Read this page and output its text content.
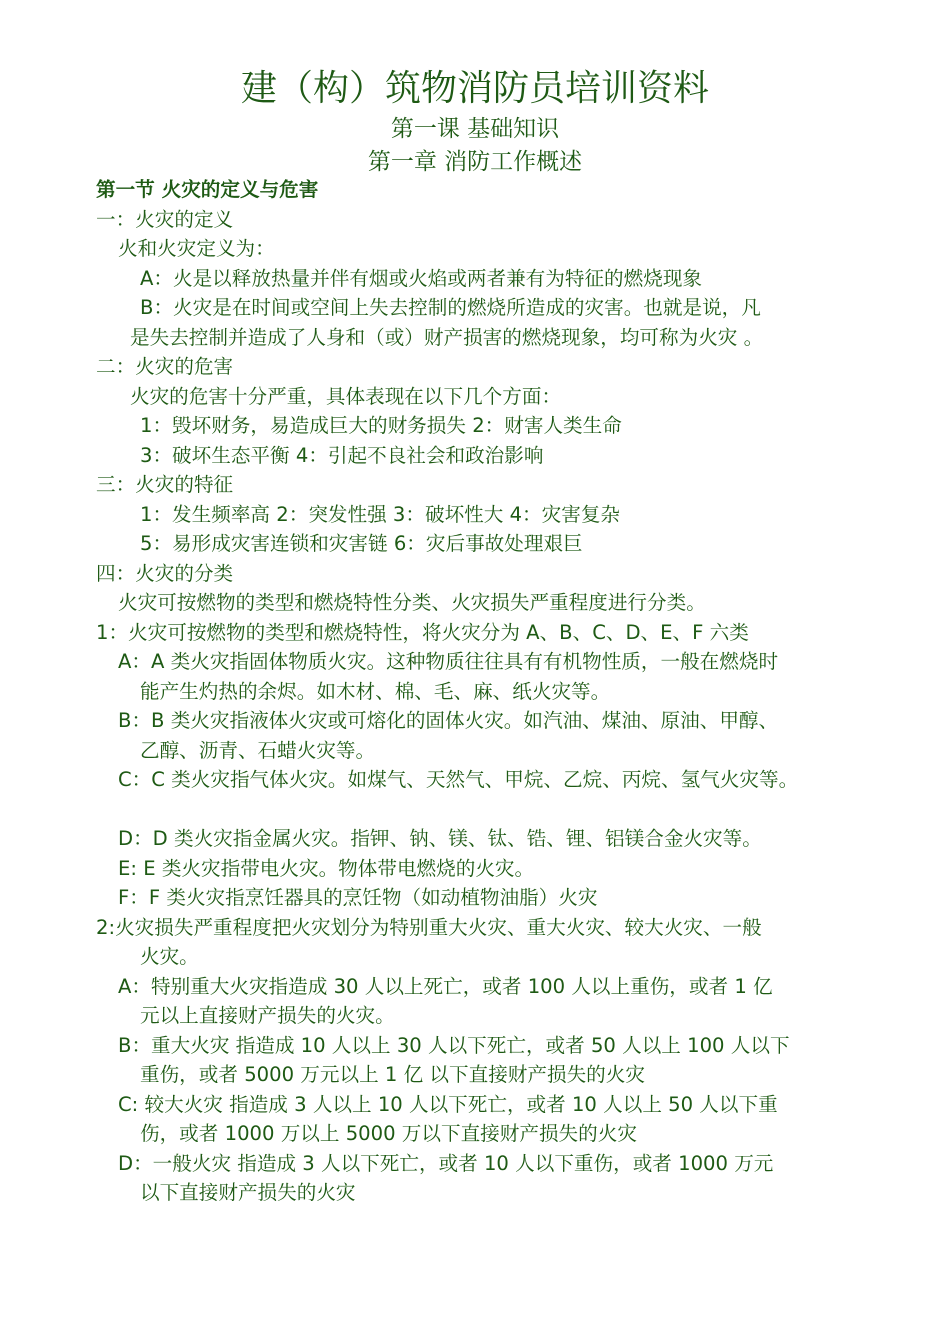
建（构）筑物消防员培训资料
第一课 基础知识
第一章 消防工作概述

第一节 火灾的定义与危害

一：火灾的定义

火和火灾定义为：

A：火是以释放热量并伴有烟或火焰或两者兼有为特征的燃烧现象

B：火灾是在时间或空间上失去控制的燃烧所造成的灾害。也就是说，凡

是失去控制并造成了人身和（或）财产损害的燃烧现象，均可称为火灾 。

二：火灾的危害

火灾的危害十分严重，具体表现在以下几个方面：

1：毁坏财务，易造成巨大的财务损失 2：财害人类生命

3：破坏生态平衡 4：引起不良社会和政治影响

三：火灾的特征

1：发生频率高 2：突发性强 3：破坏性大 4：灾害复杂

5：易形成灾害连锁和灾害链 6：灾后事故处理艰巨

四：火灾的分类

火灾可按燃物的类型和燃烧特性分类、火灾损失严重程度进行分类。

1：火灾可按燃物的类型和燃烧特性，将火灾分为 A、B、C、D、E、F 六类

A：A 类火灾指固体物质火灾。这种物质往往具有有机物性质，一般在燃烧时

能产生灼热的余烬。如木材、棉、毛、麻、纸火灾等。

B：B 类火灾指液体火灾或可熔化的固体火灾。如汽油、煤油、原油、甲醇、

乙醇、沥青、石蜡火灾等。

C：C 类火灾指气体火灾。如煤气、天然气、甲烷、乙烷、丙烷、氢气火灾等。

D：D 类火灾指金属火灾。指钾、钠、镁、钛、锆、锂、铝镁合金火灾等。

E: E 类火灾指带电火灾。物体带电燃烧的火灾。

F：F 类火灾指烹饪器具的烹饪物（如动植物油脂）火灾

2:火灾损失严重程度把火灾划分为特别重大火灾、重大火灾、较大火灾、一般

火灾。

A：特别重大火灾指造成 30 人以上死亡，或者 100 人以上重伤，或者 1 亿

元以上直接财产损失的火灾。

B：重大火灾 指造成 10 人以上 30 人以下死亡，或者 50 人以上 100 人以下

重伤，或者 5000 万元以上 1 亿 以下直接财产损失的火灾

C: 较大火灾 指造成 3 人以上 10 人以下死亡，或者 10 人以上 50 人以下重

伤，或者 1000 万以上 5000 万以下直接财产损失的火灾

D：一般火灾 指造成 3 人以下死亡，或者 10 人以下重伤，或者 1000 万元

以下直接财产损失的火灾
